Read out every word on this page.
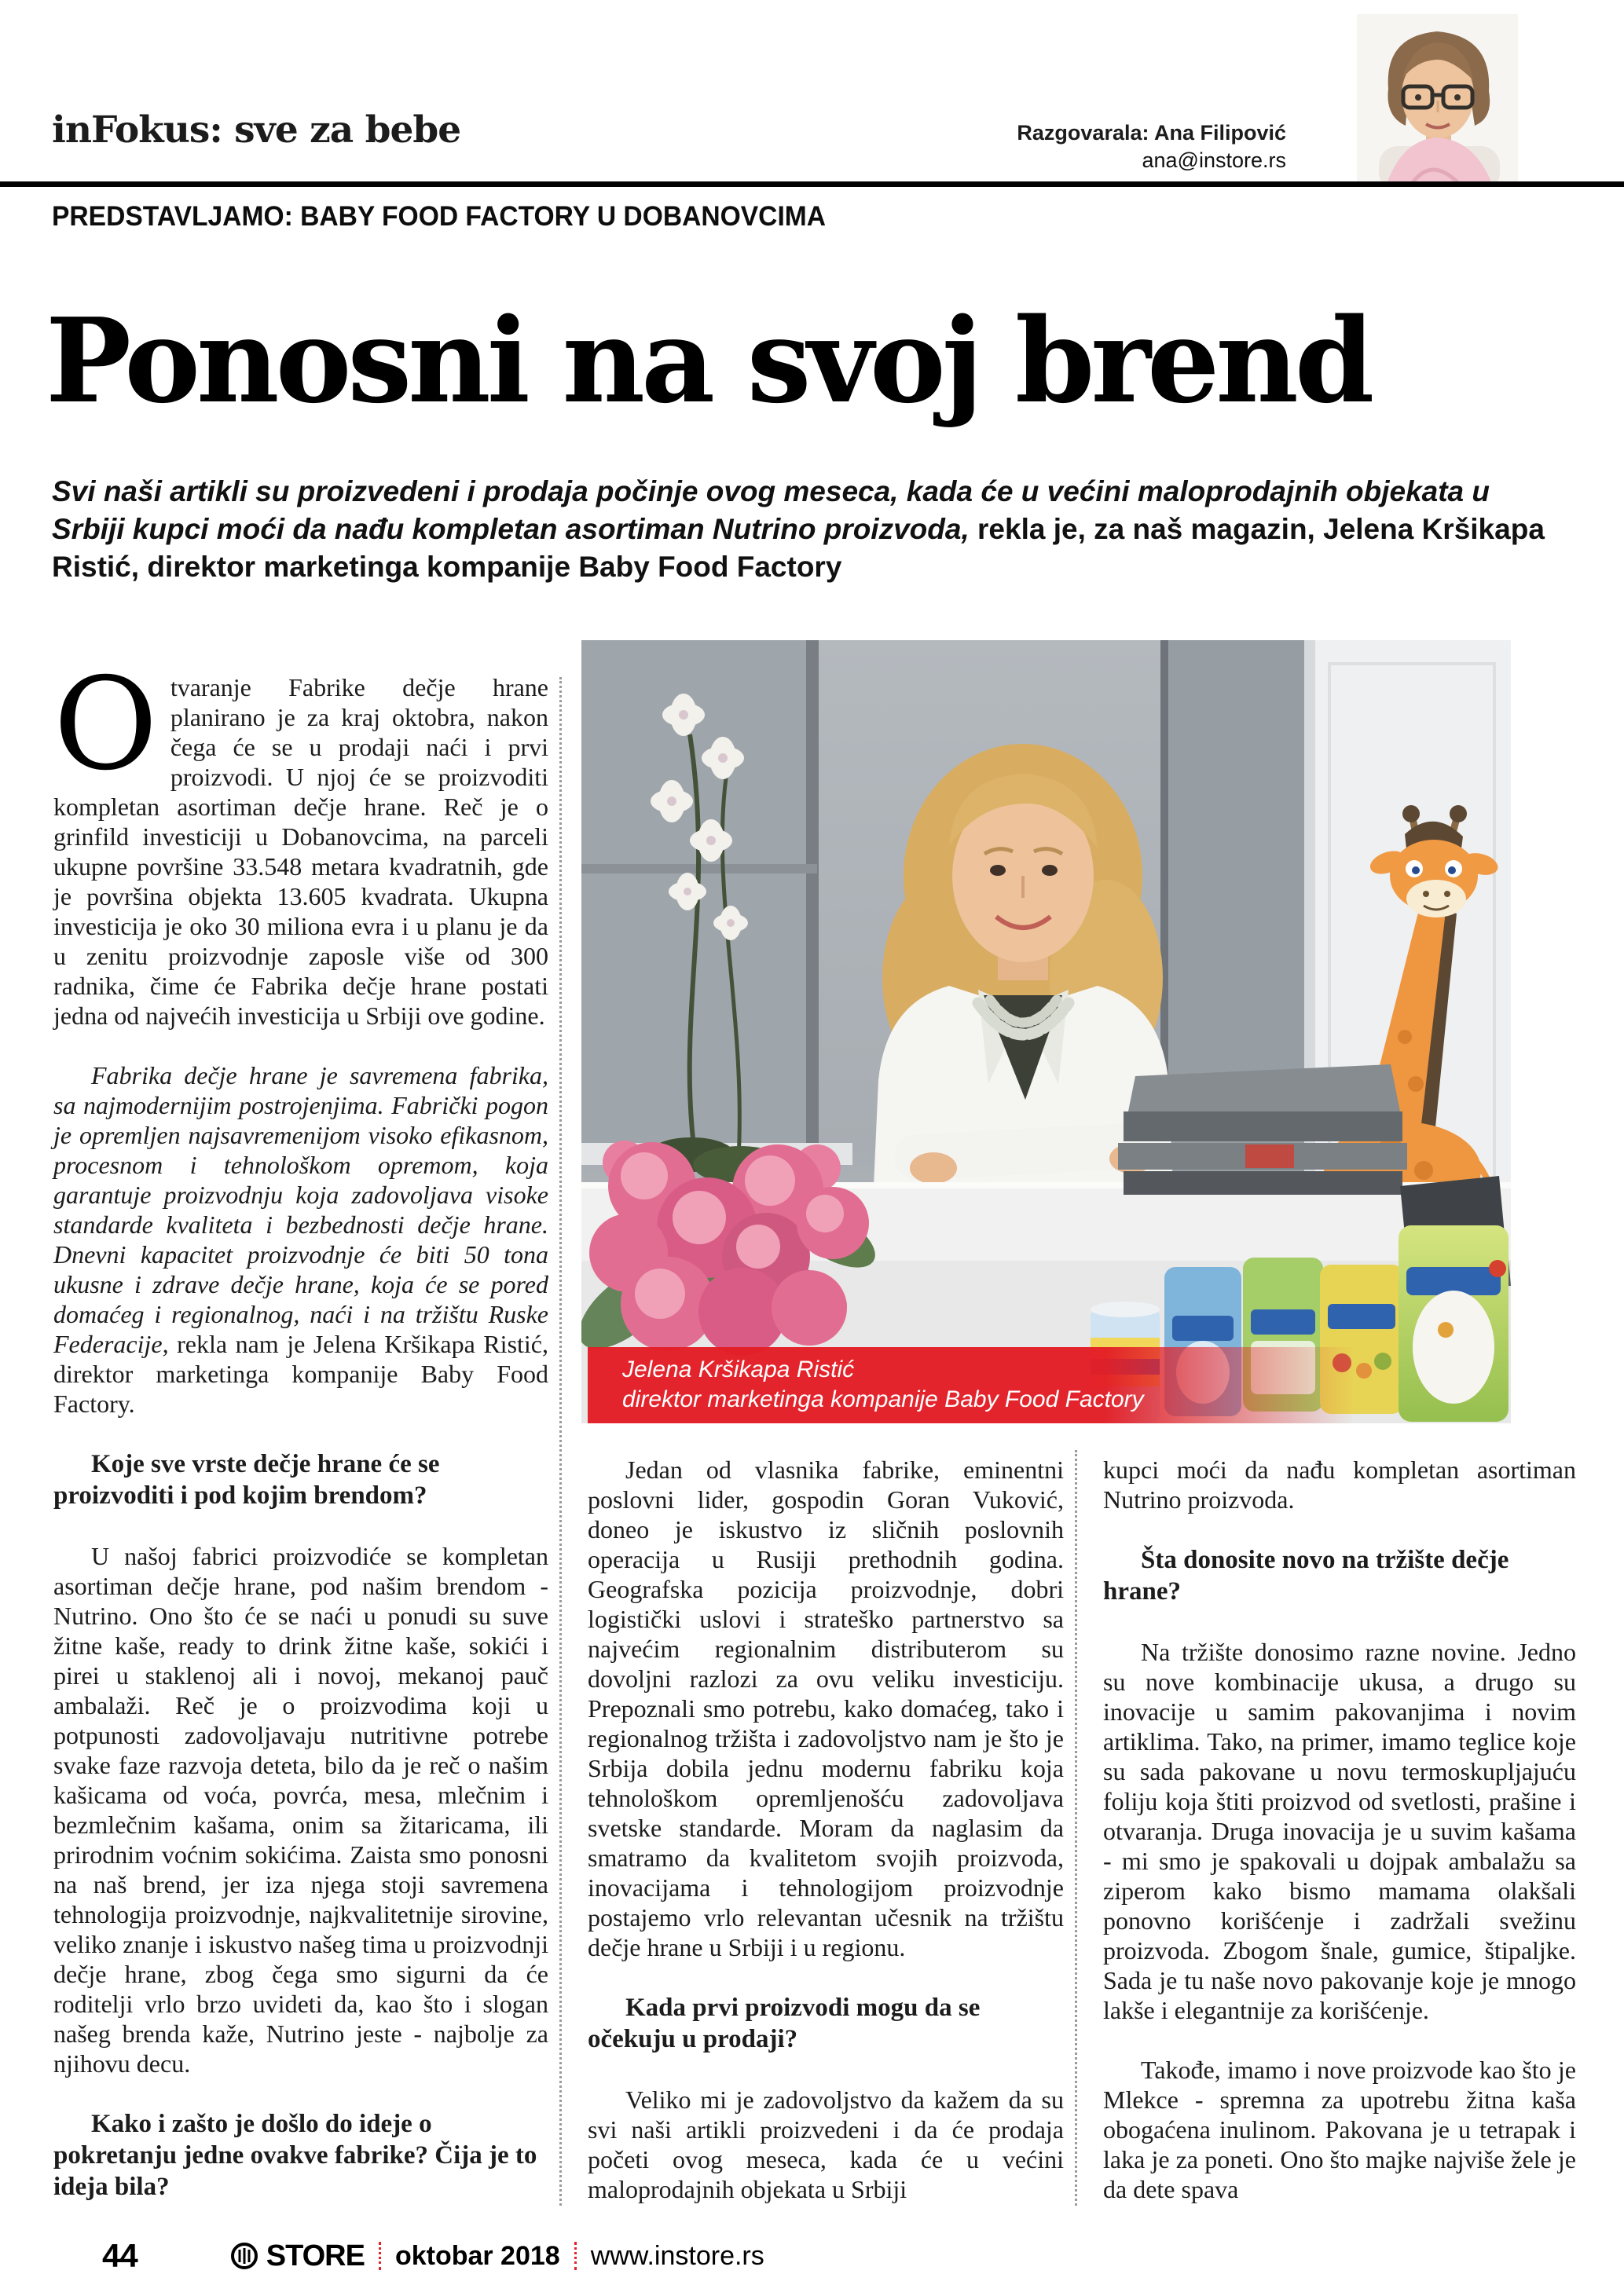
inFokus: sve za bebe	Razgovarala: Ana Filipović
ana@instore.rs
PREDSTAVLJAMO: BABY FOOD FACTORY U DOBANOVCIMA
Ponosni na svoj brend
Svi naši artikli su proizvedeni i prodaja počinje ovog meseca, kada će u većini maloprodajnih objekata u Srbiji kupci moći da nađu kompletan asortiman Nutrino proizvoda, rekla je, za naš magazin, Jelena Kršikapa Ristić, direktor marketinga kompanije Baby Food Factory

Otvaranje Fabrike dečje hrane planirano je za kraj oktobra, nakon čega će se u prodaji naći i prvi proizvodi. U njoj će se proizvoditi kompletan asortiman dečje hrane. Reč je o grinfild investiciji u Dobanovcima, na parceli ukupne površine 33.548 metara kvadratnih, gde je površina objekta 13.605 kvadrata. Ukupna investicija je oko 30 miliona evra i u planu je da u zenitu proizvodnje zaposle više od 300 radnika, čime će Fabrika dečje hrane postati jedna od najvećih investicija u Srbiji ove godine.

Fabrika dečje hrane je savremena fabrika, sa najmodernijim postrojenjima. Fabrički pogon je opremljen najsavremenijom visoko efikasnom, procesnom i tehnološkom opremom, koja garantuje proizvodnju koja zadovoljava visoke standarde kvaliteta i bezbednosti dečje hrane. Dnevni kapacitet proizvodnje će biti 50 tona ukusne i zdrave dečje hrane, koja će se pored domaćeg i regionalnog, naći i na tržištu Ruske Federacije, rekla nam je Jelena Kršikapa Ristić, direktor marketinga kompanije Baby Food Factory.

Koje sve vrste dečje hrane će se proizvoditi i pod kojim brendom?

U našoj fabrici proizvodiće se kompletan asortiman dečje hrane, pod našim brendom - Nutrino. Ono što će se naći u ponudi su suve žitne kaše, ready to drink žitne kaše, sokići i pirei u staklenoj ali i novoj, mekanoj pauč ambalaži. Reč je o proizvodima koji u potpunosti zadovoljavaju nutritivne potrebe svake faze razvoja deteta, bilo da je reč o našim kašicama od voća, povrća, mesa, mlečnim i bezmlečnim kašama, onim sa žitaricama, ili prirodnim voćnim sokićima. Zaista smo ponosni na naš brend, jer iza njega stoji savremena tehnologija proizvodnje, najkvalitetnije sirovine, veliko znanje i iskustvo našeg tima u proizvodnji dečje hrane, zbog čega smo sigurni da će roditelji vrlo brzo uvideti da, kao što i slogan našeg brenda kaže, Nutrino jeste - najbolje za njihovu decu.

Kako i zašto je došlo do ideje o pokretanju jedne ovakve fabrike? Čija je to ideja bila?

Jelena Kršikapa Ristić
direktor marketinga kompanije Baby Food Factory

Jedan od vlasnika fabrike, eminentni poslovni lider, gospodin Goran Vuković, doneo je iskustvo iz sličnih poslovnih operacija u Rusiji prethodnih godina. Geografska pozicija proizvodnje, dobri logistički uslovi i strateško partnerstvo sa najvećim regionalnim distributerom su dovoljni razlozi za ovu veliku investiciju. Prepoznali smo potrebu, kako domaćeg, tako i regionalnog tržišta i zadovoljstvo nam je što je Srbija dobila jednu modernu fabriku koja tehnološkom opremljenošću zadovoljava svetske standarde. Moram da naglasim da smatramo da kvalitetom svojih proizvoda, inovacijama i tehnologijom proizvodnje postajemo vrlo relevantan učesnik na tržištu dečje hrane u Srbiji i u regionu.

Kada prvi proizvodi mogu da se očekuju u prodaji?

Veliko mi je zadovoljstvo da kažem da su svi naši artikli proizvedeni i da će prodaja početi ovog meseca, kada će u većini maloprodajnih objekata u Srbiji

kupci moći da nađu kompletan asortiman Nutrino proizvoda.

Šta donosite novo na tržište dečje hrane?

Na tržište donosimo razne novine. Jedno su nove kombinacije ukusa, a drugo su inovacije u samim pakovanjima i novim artiklima. Tako, na primer, imamo teglice koje su sada pakovane u novu termoskupljajuću foliju koja štiti proizvod od svetlosti, prašine i otvaranja. Druga inovacija je u suvim kašama - mi smo je spakovali u dojpak ambalažu sa ziperom kako bismo mamama olakšali ponovno korišćenje i zadržali svežinu proizvoda. Zbogom šnale, gumice, štipaljke. Sada je tu naše novo pakovanje koje je mnogo lakše i elegantnije za korišćenje.

Takođe, imamo i nove proizvode kao što je Mlekce - spremna za upotrebu žitna kaša obogaćena inulinom. Pakovana je u tetrapak i laka je za poneti. Ono što majke najviše žele je da dete spava

44	STORE oktobar 2018 www.instore.rs
